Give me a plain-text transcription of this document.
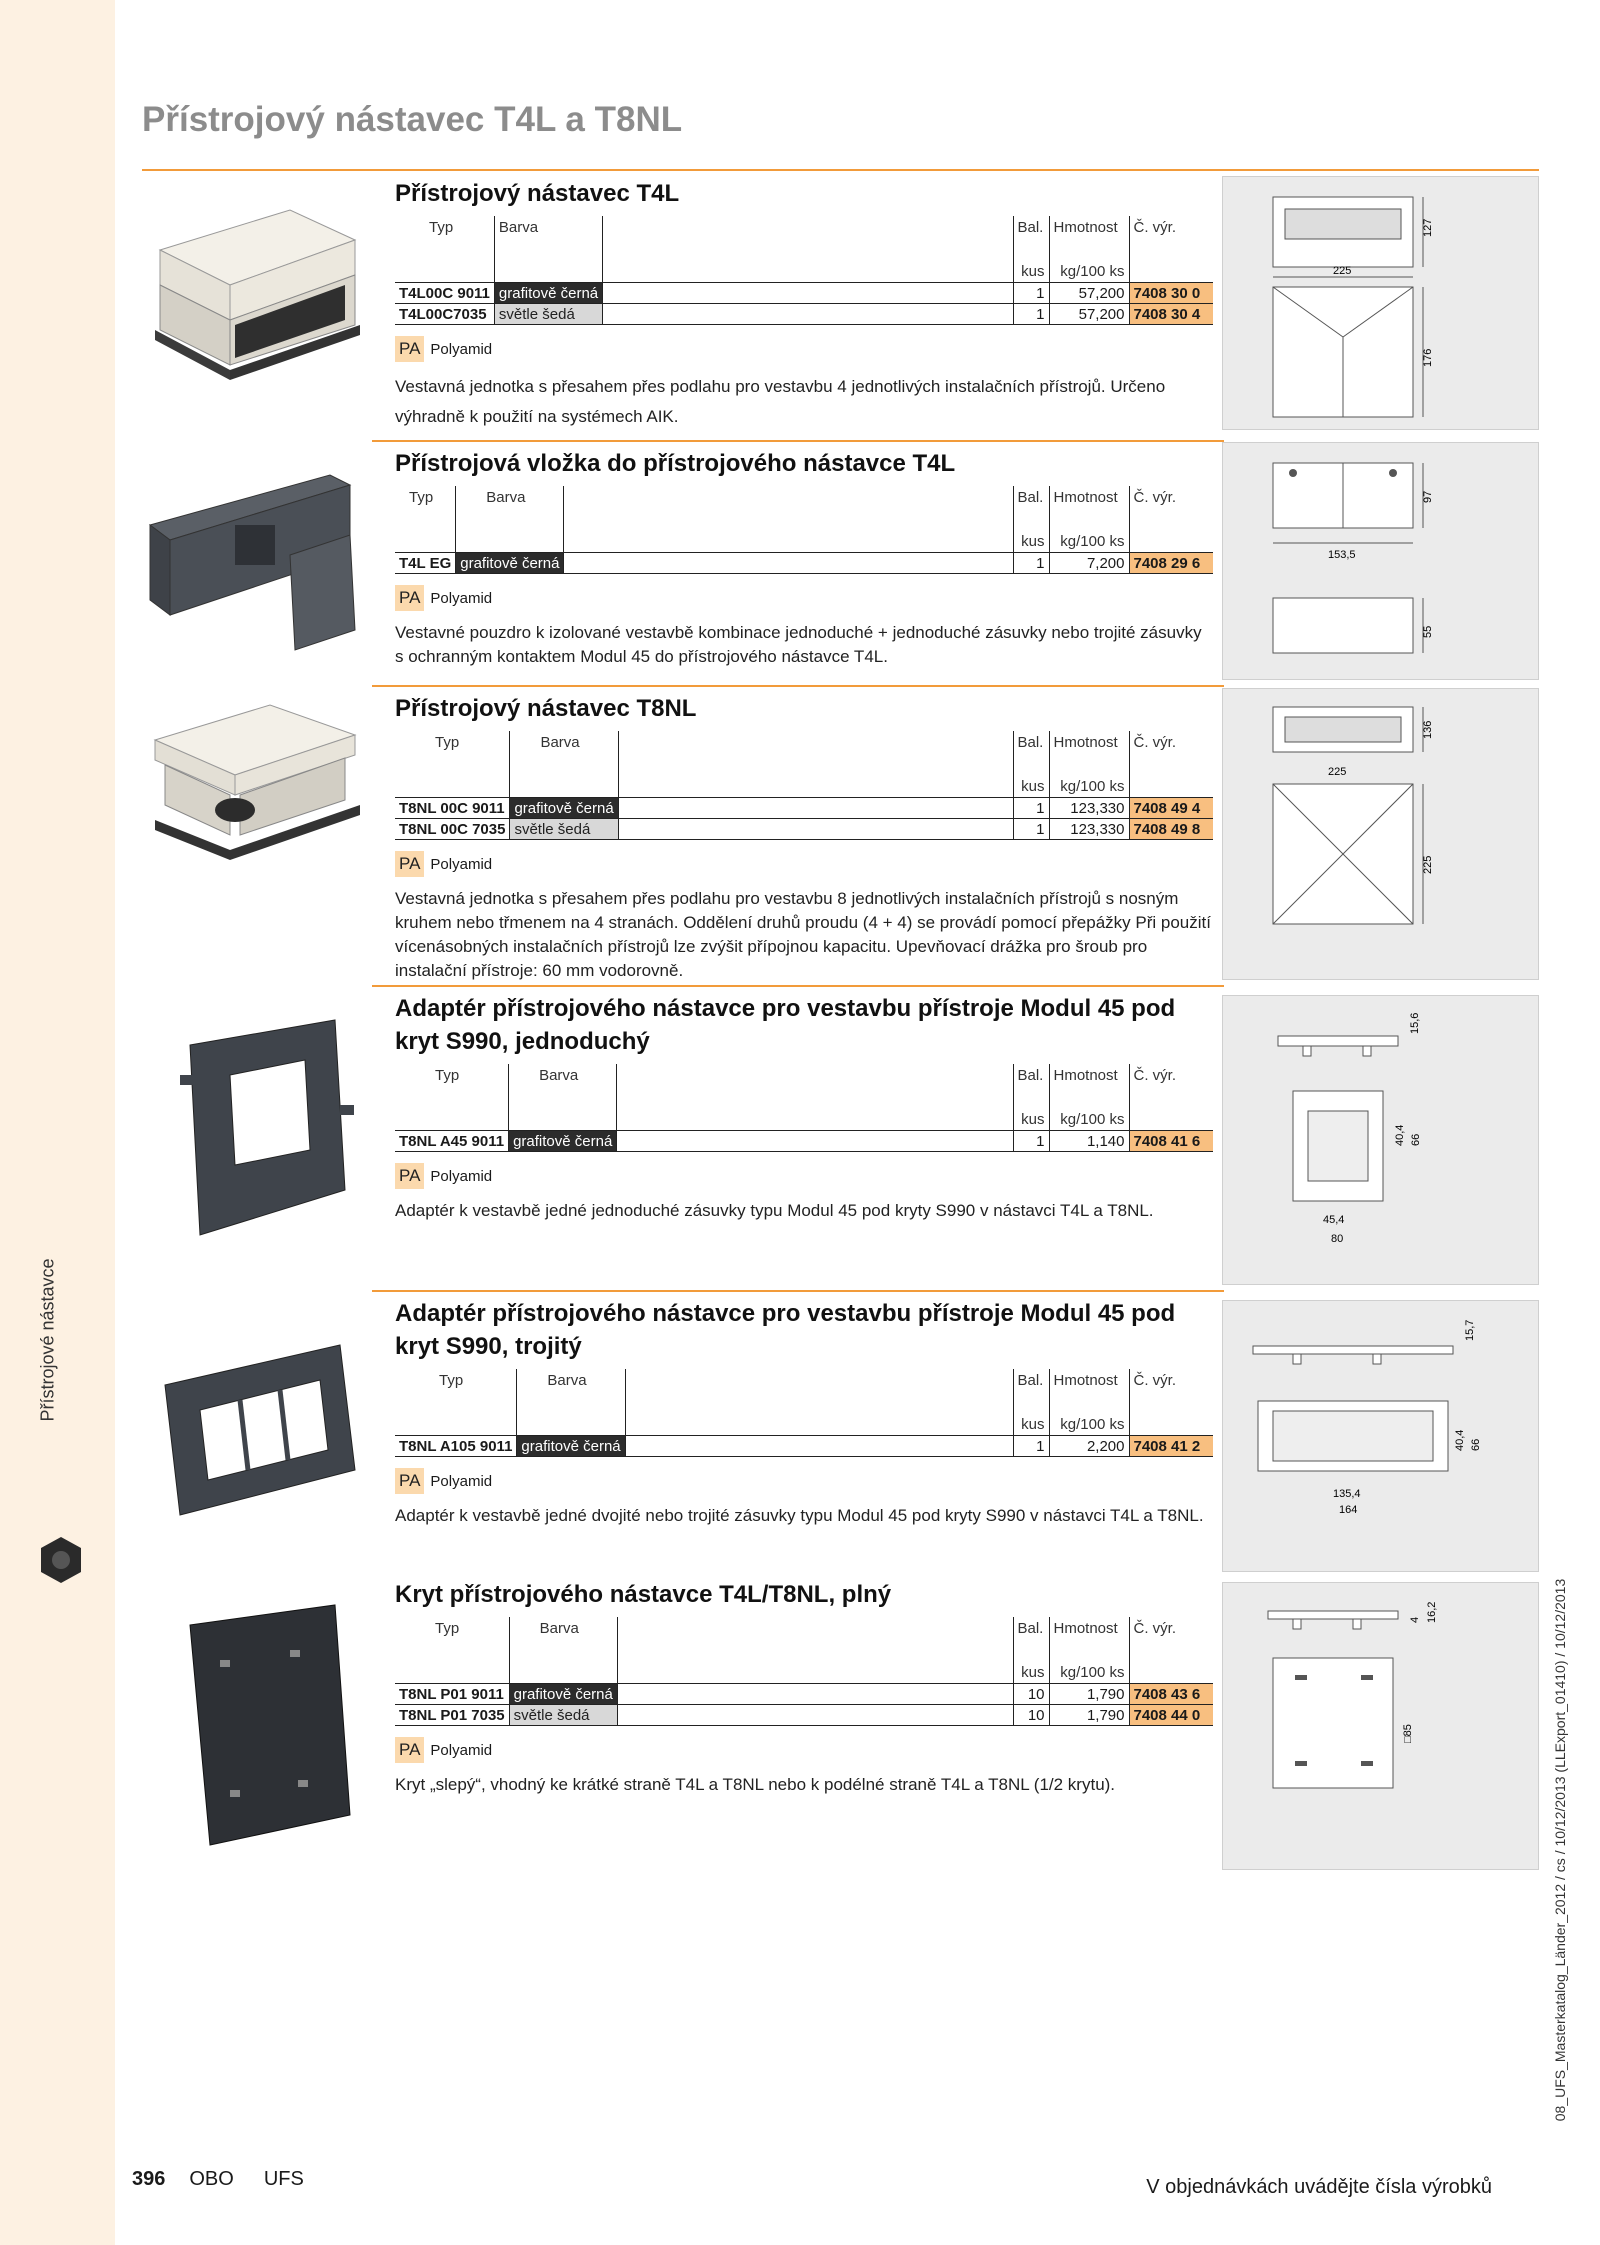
Přístrojové nástavce
Přístrojový nástavec T4L a T8NL
127
225
176
97
153,5
55
136
225
225
15,6
40,4 66
45,4
80
15,7
40,4 66
135,4
164
4 16,2
□85
Přístrojový nástavec T4L
Typ	Barva		Bal.	Hmotnost	Č. výr.
			kus	kg/100 ks	
T4L00C 9011	grafitově černá		1	57,200	7408 30 0
T4L00C7035	světle šedá		1	57,200	7408 30 4
PA Polyamid
Vestavná jednotka s přesahem přes podlahu pro vestavbu 4 jednotlivých instalačních přístrojů. Určeno výhradně k použití na systémech AIK.
Přístrojová vložka do přístrojového nástavce T4L
Typ	Barva		Bal.	Hmotnost	Č. výr.
			kus	kg/100 ks	
T4L EG	grafitově černá		1	7,200	7408 29 6
PA Polyamid
Vestavné pouzdro k izolované vestavbě kombinace jednoduché + jednoduché zásuvky nebo trojité zásuvky s ochranným kontaktem Modul 45 do přístrojového nástavce T4L.
Přístrojový nástavec T8NL
Typ	Barva		Bal.	Hmotnost	Č. výr.
			kus	kg/100 ks	
T8NL 00C 9011	grafitově černá		1	123,330	7408 49 4
T8NL 00C 7035	světle šedá		1	123,330	7408 49 8
PA Polyamid
Vestavná jednotka s přesahem přes podlahu pro vestavbu 8 jednotlivých instalačních přístrojů s nosným kruhem nebo třmenem na 4 stranách. Oddělení druhů proudu (4 + 4) se provádí pomocí přepážky Při použití vícenásobných instalačních přístrojů lze zvýšit přípojnou kapacitu. Upevňovací drážka pro šroub pro instalační přístroje: 60 mm vodorovně.
Adaptér přístrojového nástavce pro vestavbu přístroje Modul 45 pod kryt S990, jednoduchý
Typ	Barva		Bal.	Hmotnost	Č. výr.
			kus	kg/100 ks	
T8NL A45 9011	grafitově černá		1	1,140	7408 41 6
PA Polyamid
Adaptér k vestavbě jedné jednoduché zásuvky typu Modul 45 pod kryty S990 v nástavci T4L a T8NL.
Adaptér přístrojového nástavce pro vestavbu přístroje Modul 45 pod kryt S990, trojitý
Typ	Barva		Bal.	Hmotnost	Č. výr.
			kus	kg/100 ks	
T8NL A105 9011	grafitově černá		1	2,200	7408 41 2
PA Polyamid
Adaptér k vestavbě jedné dvojité nebo trojité zásuvky typu Modul 45 pod kryty S990 v nástavci T4L a T8NL.
Kryt přístrojového nástavce T4L/T8NL, plný
Typ	Barva		Bal.	Hmotnost	Č. výr.
			kus	kg/100 ks	
T8NL P01 9011	grafitově černá		10	1,790	7408 43 6
T8NL P01 7035	světle šedá		10	1,790	7408 44 0
PA Polyamid
Kryt „slepý“, vhodný ke krátké straně T4L a T8NL nebo k podélné straně T4L a T8NL (1/2 krytu).	08_UFS_Masterkatalog_Länder_2012 / cs / 10/12/2013 (LLExport_01410) / 10/12/2013
396 OBO UFS	V objednávkách uvádějte čísla výrobků
